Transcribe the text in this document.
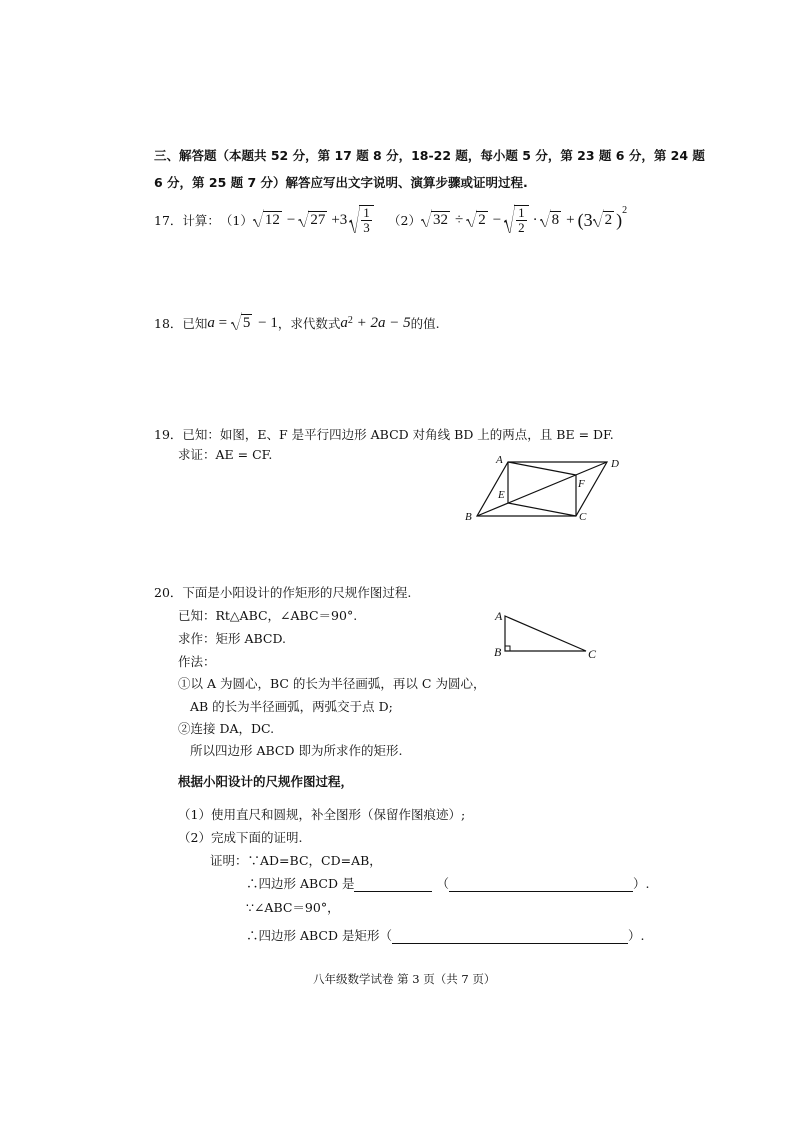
三、解答题（本题共 52 分，第 17 题 8 分，18-22 题，每小题 5 分，第 23 题 6 分，第 24 题
6 分，第 25 题 7 分）解答应写出文字说明、演算步骤或证明过程.
17．计算： （1） 12 −	$27 +3 \frac{1}{3} (2) 32$ ÷	$2 - \frac{1}{2} \cdot 8 + (3$ 2 )$^2$
18．已知 a = 5 − 1 ，求代数式 $a^2 + 2a - 5$ 的值.
19．已知：如图，E、F 是平行四边形 ABCD 对角线 BD 上的两点，且 BE = DF.
求证：AE = CF.	A	D
B	C
E
F
20．下面是小阳设计的作矩形的尺规作图过程.
已知：Rt△ABC，∠ABC＝90°.
求作：矩形 ABCD.
作法：
①以 A 为圆心，BC 的长为半径画弧，再以 C 为圆心，
AB 的长为半径画弧，两弧交于点 D;
②连接 DA，DC.
所以四边形 ABCD 即为所求作的矩形.
A
B	C
根据小阳设计的尺规作图过程，
（1）使用直尺和圆规，补全图形（保留作图痕迹）;
（2）完成下面的证明.
证明：∵AD=BC，CD=AB，
∴四边形 ABCD 是	（	）.
∵∠ABC＝90°，
∴四边形 ABCD 是矩形（	）.
八年级数学试卷 第 3 页（共 7 页）
